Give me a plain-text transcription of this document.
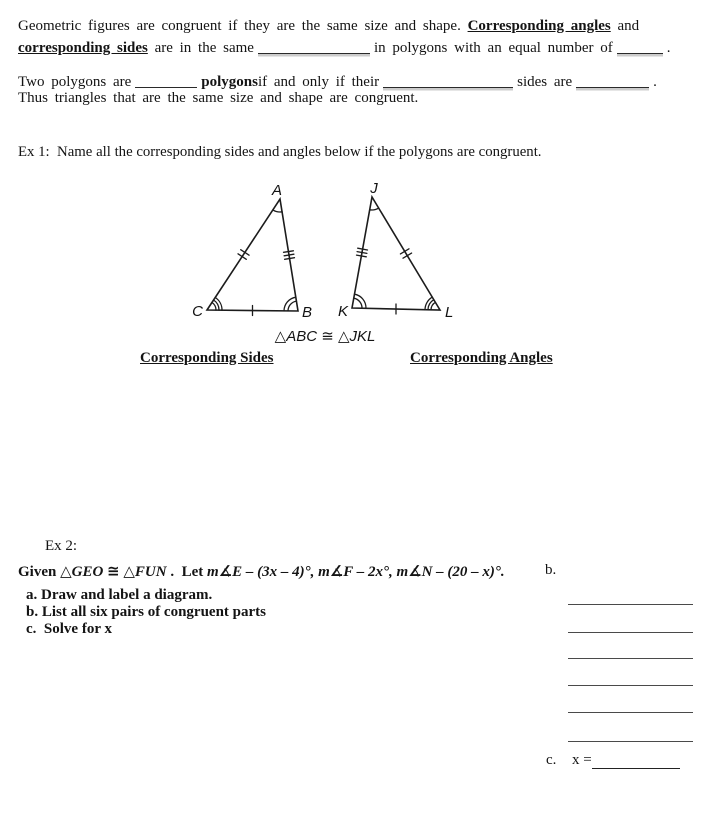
Geometric figures are congruent if they are the same size and shape. Corresponding angles and
corresponding sides are in the same	in polygons with an equal number of	.
Two polygons are	polygonsif and only if their	sides are	.
Thus triangles that are the same size and shape are congruent.
Ex 1:  Name all the corresponding sides and angles below if the polygons are congruent.
A
C	B
J
K	L
△ABC ≅ △JKL
Corresponding Sides	Corresponding Angles
Ex 2:
Given △GEO ≅ △FUN .  Let m∡E – (3x – 4)°, m∡F – 2x°, m∡N – (20 – x)°.	b.
a. Draw and label a diagram.
b. List all six pairs of congruent parts
c.  Solve for x
c. x =
